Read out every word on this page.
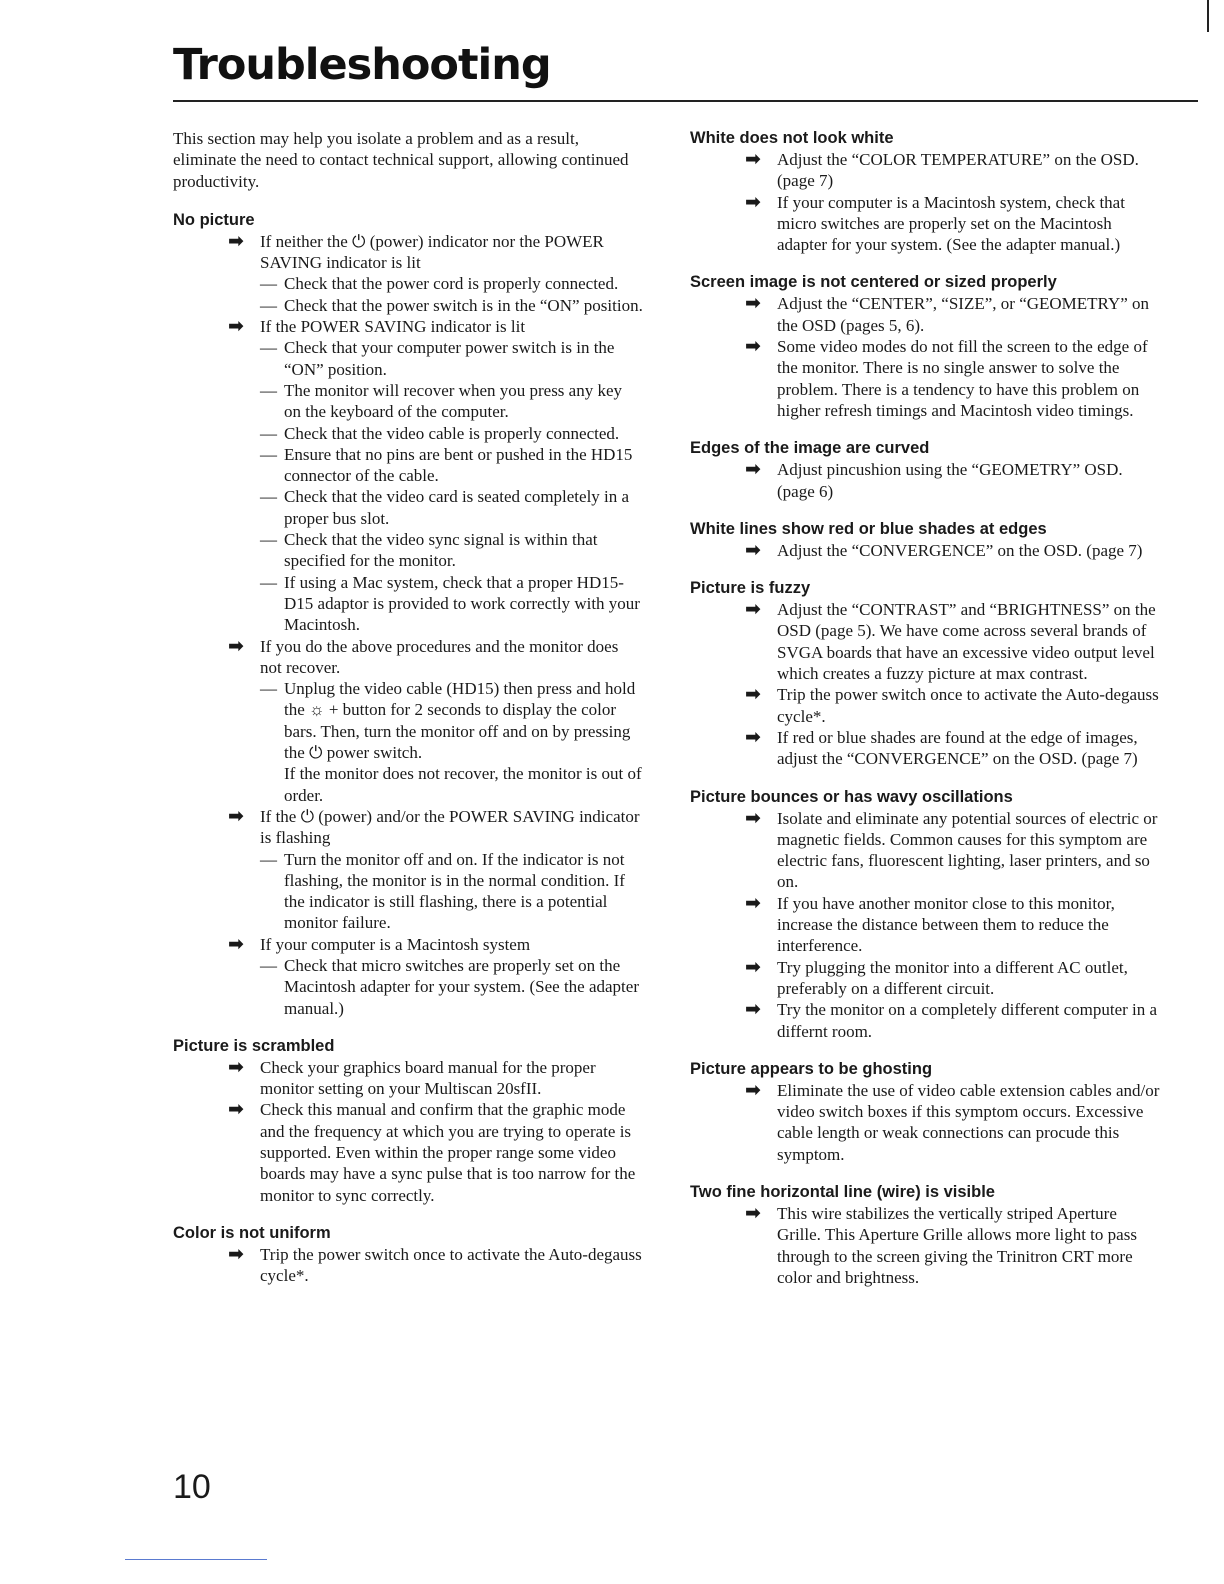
Troubleshooting

This section may help you isolate a problem and as a result, eliminate the need to contact technical support, allowing continued productivity.

No picture
➡ If neither the ⏻ (power) indicator nor the POWER SAVING indicator is lit

— Check that the power cord is properly connected.

— Check that the power switch is in the “ON” position.

➡ If the POWER SAVING indicator is lit

— Check that your computer power switch is in the “ON” position.

— The monitor will recover when you press any key on the keyboard of the computer.

— Check that the video cable is properly connected.

— Ensure that no pins are bent or pushed in the HD15 connector of the cable.

— Check that the video card is seated completely in a proper bus slot.

— Check that the video sync signal is within that specified for the monitor.

— If using a Mac system, check that a proper HD15-D15 adaptor is provided to work correctly with your Macintosh.

➡ If you do the above procedures and the monitor does not recover.

— Unplug the video cable (HD15) then press and hold the ☼ + button for 2 seconds to display the color bars. Then, turn the monitor off and on by pressing the ⏻ power switch.

If the monitor does not recover, the monitor is out of order.

➡ If the ⏻ (power) and/or the POWER SAVING indicator is flashing

— Turn the monitor off and on. If the indicator is not flashing, the monitor is in the normal condition. If the indicator is still flashing, there is a potential monitor failure.

➡ If your computer is a Macintosh system

— Check that micro switches are properly set on the Macintosh adapter for your system. (See the adapter manual.)

Picture is scrambled
➡ Check your graphics board manual for the proper monitor setting on your Multiscan 20sfII.

➡ Check this manual and confirm that the graphic mode and the frequency at which you are trying to operate is supported. Even within the proper range some video boards may have a sync pulse that is too narrow for the monitor to sync correctly.

Color is not uniform
➡ Trip the power switch once to activate the Auto-degauss cycle*.

White does not look white
➡ Adjust the “COLOR TEMPERATURE” on the OSD. (page 7)

➡ If your computer is a Macintosh system, check that micro switches are properly set on the Macintosh adapter for your system. (See the adapter manual.)

Screen image is not centered or sized properly
➡ Adjust the “CENTER”, “SIZE”, or “GEOMETRY” on the OSD (pages 5, 6).

➡ Some video modes do not fill the screen to the edge of the monitor. There is no single answer to solve the problem. There is a tendency to have this problem on higher refresh timings and Macintosh video timings.

Edges of the image are curved
➡ Adjust pincushion using the “GEOMETRY” OSD. (page 6)

White lines show red or blue shades at edges
➡ Adjust the “CONVERGENCE” on the OSD. (page 7)

Picture is fuzzy
➡ Adjust the “CONTRAST” and “BRIGHTNESS” on the OSD (page 5). We have come across several brands of SVGA boards that have an excessive video output level which creates a fuzzy picture at max contrast.

➡ Trip the power switch once to activate the Auto-degauss cycle*.

➡ If red or blue shades are found at the edge of images, adjust the “CONVERGENCE” on the OSD. (page 7)

Picture bounces or has wavy oscillations
➡ Isolate and eliminate any potential sources of electric or magnetic fields. Common causes for this symptom are electric fans, fluorescent lighting, laser printers, and so on.

➡ If you have another monitor close to this monitor, increase the distance between them to reduce the interference.

➡ Try plugging the monitor into a different AC outlet, preferably on a different circuit.

➡ Try the monitor on a completely different computer in a differnt room.

Picture appears to be ghosting
➡ Eliminate the use of video cable extension cables and/or video switch boxes if this symptom occurs. Excessive cable length or weak connections can procude this symptom.

Two fine horizontal line (wire) is visible
➡ This wire stabilizes the vertically striped Aperture Grille. This Aperture Grille allows more light to pass through to the screen giving the Trinitron CRT more color and brightness.

10
